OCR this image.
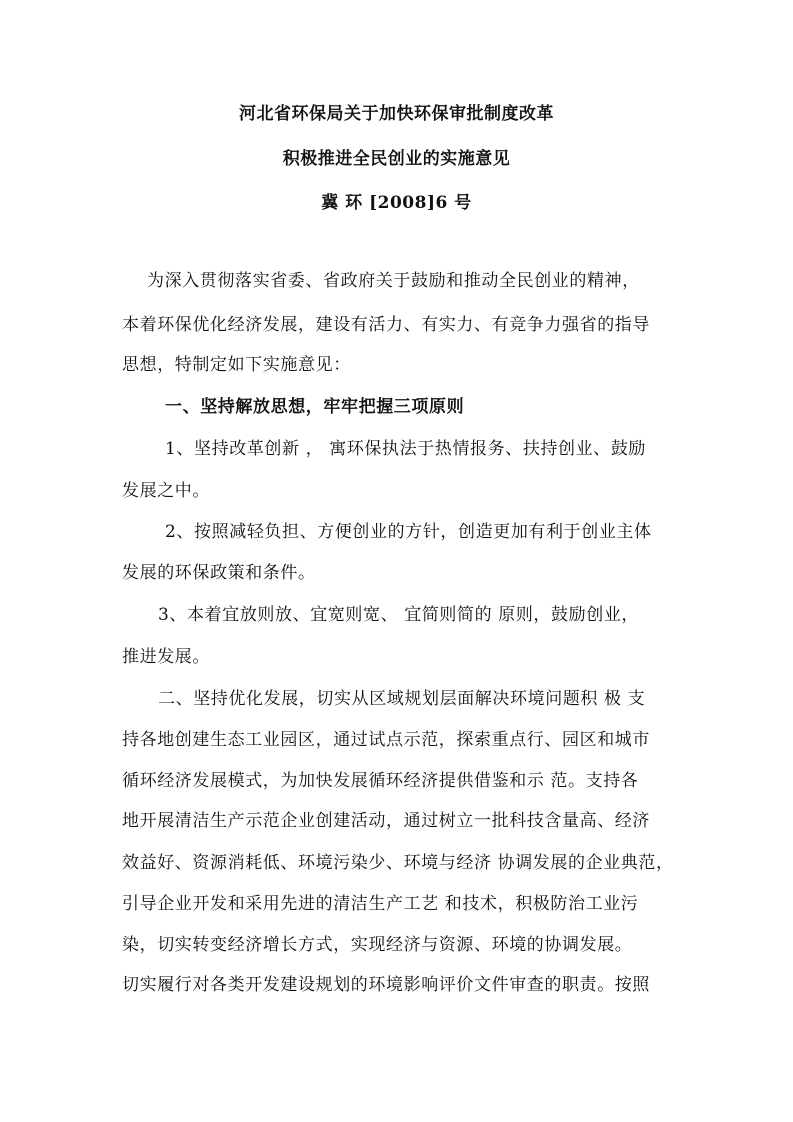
河北省环保局关于加快环保审批制度改革
积极推进全民创业的实施意见
冀 环 [2008]6 号
为深入贯彻落实省委、省政府关于鼓励和推动全民创业的精神，
本着环保优化经济发展，建设有活力、有实力、有竞争力强省的指导
思想，特制定如下实施意见：
一、坚持解放思想，牢牢把握三项原则
1、坚持改革创新 ， 寓环保执法于热情报务、扶持创业、鼓励
发展之中。
2、按照减轻负担、方便创业的方针，创造更加有利于创业主体
发展的环保政策和条件。
3、本着宜放则放、宜宽则宽、 宜简则简的 原则，鼓励创业，
推进发展。
二、坚持优化发展，切实从区域规划层面解决环境问题积 极 支
持各地创建生态工业园区，通过试点示范，探索重点行、园区和城市
循环经济发展模式，为加快发展循环经济提供借鉴和示 范。支持各
地开展清洁生产示范企业创建活动，通过树立一批科技含量高、经济
效益好、资源消耗低、环境污染少、环境与经济 协调发展的企业典范，
引导企业开发和采用先进的清洁生产工艺 和技术，积极防治工业污
染，切实转变经济增长方式，实现经济与资源、环境的协调发展。
切实履行对各类开发建设规划的环境影响评价文件审查的职责。按照
